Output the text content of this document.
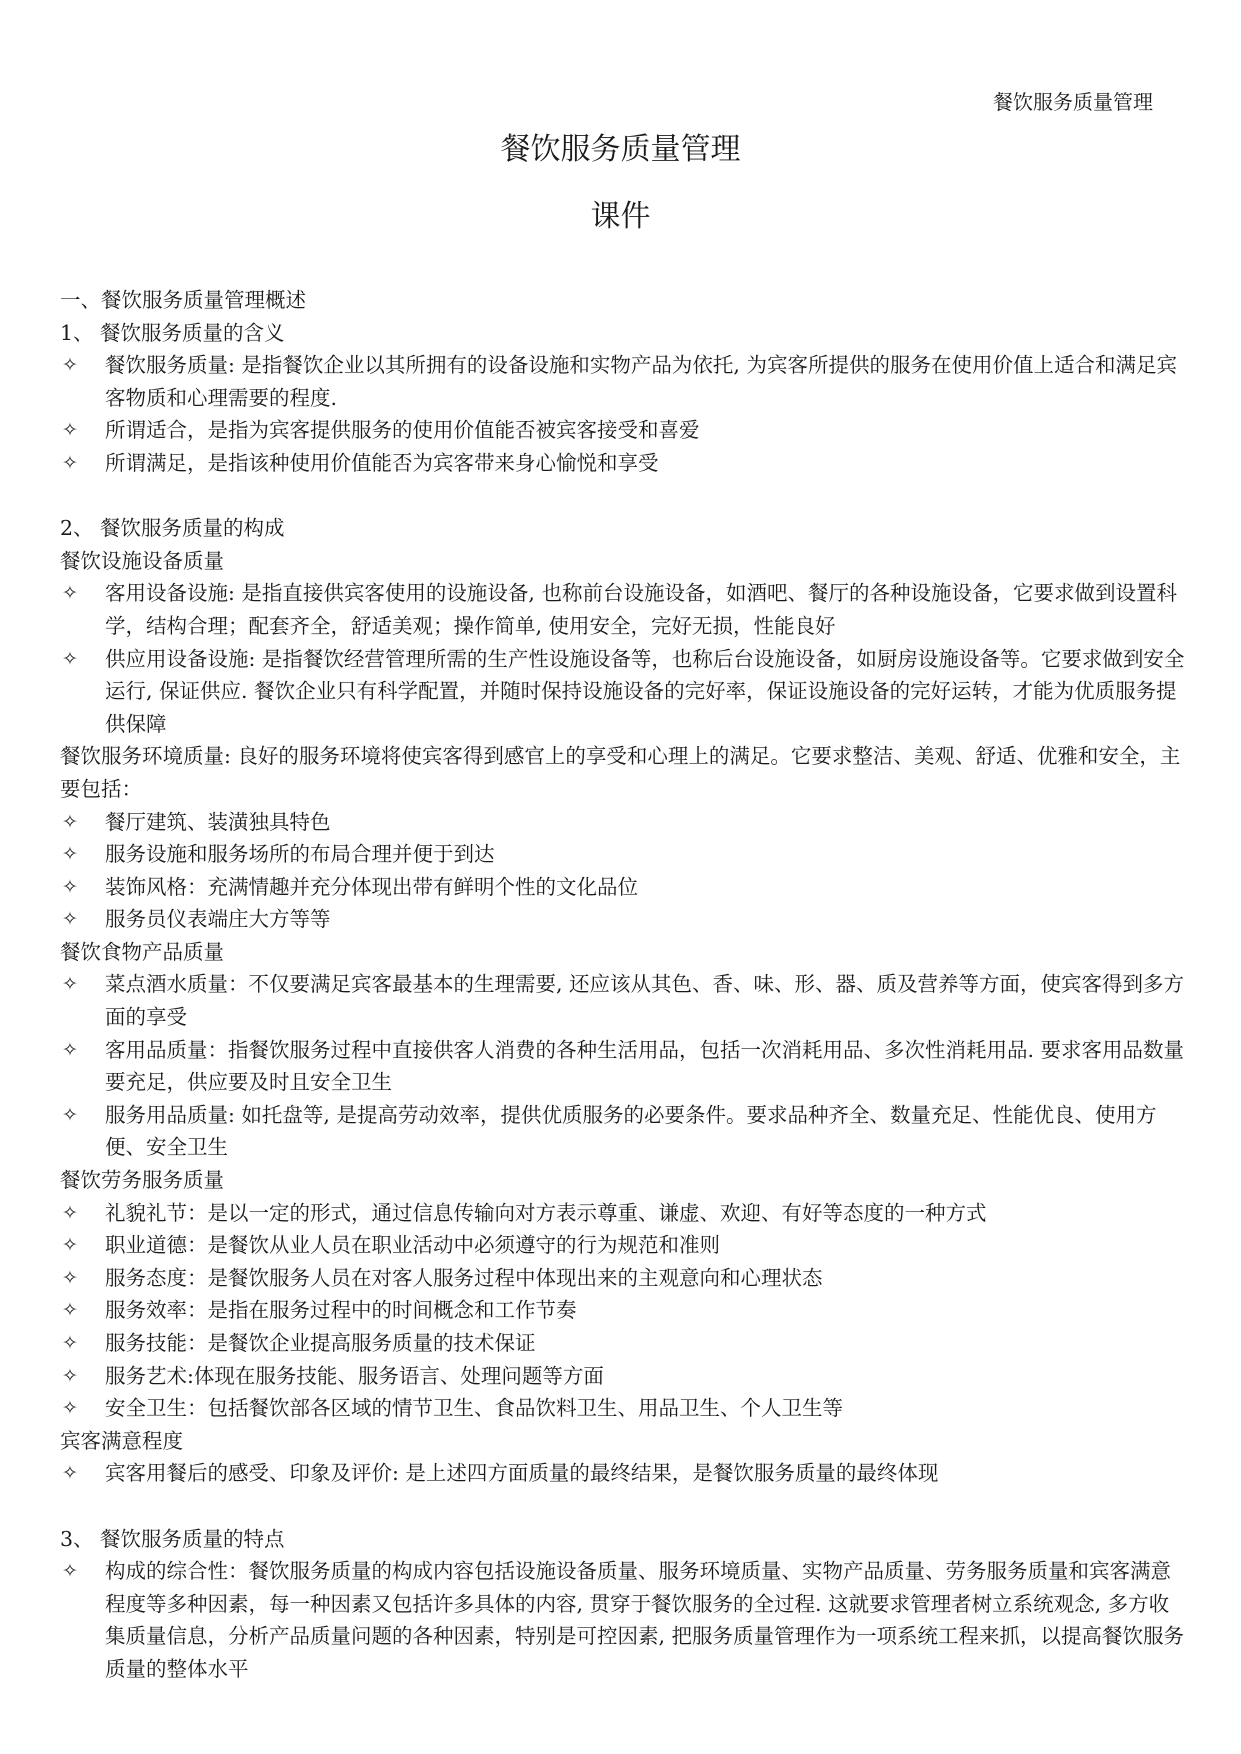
餐饮服务质量管理
餐饮服务质量管理
课件
一、餐饮服务质量管理概述
1、 餐饮服务质量的含义
✧ 餐饮服务质量: 是指餐饮企业以其所拥有的设备设施和实物产品为依托, 为宾客所提供的服务在使用价值上适合和满足宾客物质和心理需要的程度.
✧ 所谓适合，是指为宾客提供服务的使用价值能否被宾客接受和喜爱
✧ 所谓满足，是指该种使用价值能否为宾客带来身心愉悦和享受
2、 餐饮服务质量的构成
餐饮设施设备质量
✧ 客用设备设施: 是指直接供宾客使用的设施设备, 也称前台设施设备，如酒吧、餐厅的各种设施设备，它要求做到设置科学，结构合理；配套齐全，舒适美观；操作简单, 使用安全，完好无损，性能良好
✧ 供应用设备设施: 是指餐饮经营管理所需的生产性设施设备等，也称后台设施设备，如厨房设施设备等。它要求做到安全运行, 保证供应. 餐饮企业只有科学配置，并随时保持设施设备的完好率，保证设施设备的完好运转，才能为优质服务提供保障
餐饮服务环境质量: 良好的服务环境将使宾客得到感官上的享受和心理上的满足。它要求整洁、美观、舒适、优雅和安全，主要包括：
✧ 餐厅建筑、装潢独具特色
✧ 服务设施和服务场所的布局合理并便于到达
✧ 装饰风格：充满情趣并充分体现出带有鲜明个性的文化品位
✧ 服务员仪表端庄大方等等
餐饮食物产品质量
✧ 菜点酒水质量：不仅要满足宾客最基本的生理需要, 还应该从其色、香、味、形、器、质及营养等方面，使宾客得到多方面的享受
✧ 客用品质量：指餐饮服务过程中直接供客人消费的各种生活用品，包括一次消耗用品、多次性消耗用品. 要求客用品数量要充足，供应要及时且安全卫生
✧ 服务用品质量: 如托盘等, 是提高劳动效率，提供优质服务的必要条件。要求品种齐全、数量充足、性能优良、使用方便、安全卫生
餐饮劳务服务质量
✧ 礼貌礼节：是以一定的形式，通过信息传输向对方表示尊重、谦虚、欢迎、有好等态度的一种方式
✧ 职业道德：是餐饮从业人员在职业活动中必须遵守的行为规范和准则
✧ 服务态度：是餐饮服务人员在对客人服务过程中体现出来的主观意向和心理状态
✧ 服务效率：是指在服务过程中的时间概念和工作节奏
✧ 服务技能：是餐饮企业提高服务质量的技术保证
✧ 服务艺术:体现在服务技能、服务语言、处理问题等方面
✧ 安全卫生：包括餐饮部各区域的情节卫生、食品饮料卫生、用品卫生、个人卫生等
宾客满意程度
✧ 宾客用餐后的感受、印象及评价: 是上述四方面质量的最终结果，是餐饮服务质量的最终体现
3、 餐饮服务质量的特点
✧ 构成的综合性：餐饮服务质量的构成内容包括设施设备质量、服务环境质量、实物产品质量、劳务服务质量和宾客满意程度等多种因素，每一种因素又包括许多具体的内容, 贯穿于餐饮服务的全过程. 这就要求管理者树立系统观念, 多方收集质量信息，分析产品质量问题的各种因素，特别是可控因素, 把服务质量管理作为一项系统工程来抓，以提高餐饮服务质量的整体水平
